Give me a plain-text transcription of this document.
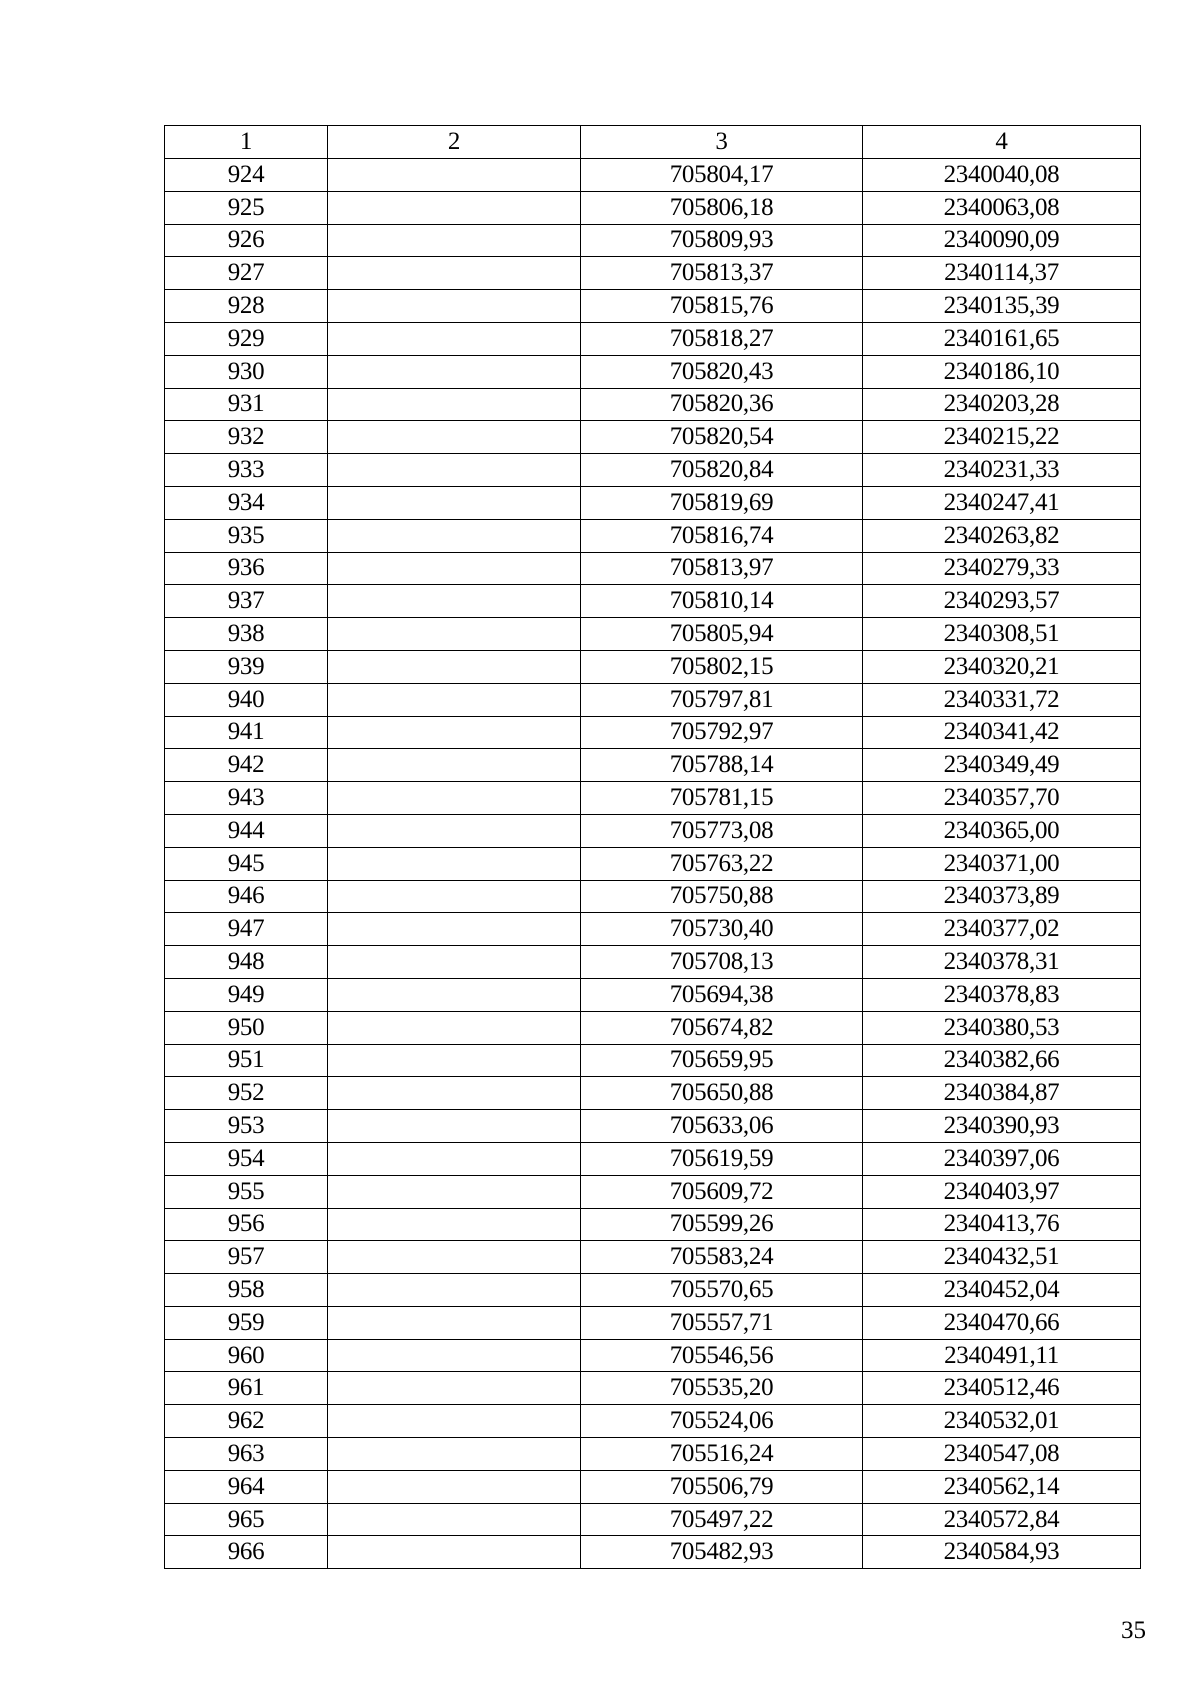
1	2	3	4
924		705804,17	2340040,08
925		705806,18	2340063,08
926		705809,93	2340090,09
927		705813,37	2340114,37
928		705815,76	2340135,39
929		705818,27	2340161,65
930		705820,43	2340186,10
931		705820,36	2340203,28
932		705820,54	2340215,22
933		705820,84	2340231,33
934		705819,69	2340247,41
935		705816,74	2340263,82
936		705813,97	2340279,33
937		705810,14	2340293,57
938		705805,94	2340308,51
939		705802,15	2340320,21
940		705797,81	2340331,72
941		705792,97	2340341,42
942		705788,14	2340349,49
943		705781,15	2340357,70
944		705773,08	2340365,00
945		705763,22	2340371,00
946		705750,88	2340373,89
947		705730,40	2340377,02
948		705708,13	2340378,31
949		705694,38	2340378,83
950		705674,82	2340380,53
951		705659,95	2340382,66
952		705650,88	2340384,87
953		705633,06	2340390,93
954		705619,59	2340397,06
955		705609,72	2340403,97
956		705599,26	2340413,76
957		705583,24	2340432,51
958		705570,65	2340452,04
959		705557,71	2340470,66
960		705546,56	2340491,11
961		705535,20	2340512,46
962		705524,06	2340532,01
963		705516,24	2340547,08
964		705506,79	2340562,14
965		705497,22	2340572,84
966		705482,93	2340584,93
35
